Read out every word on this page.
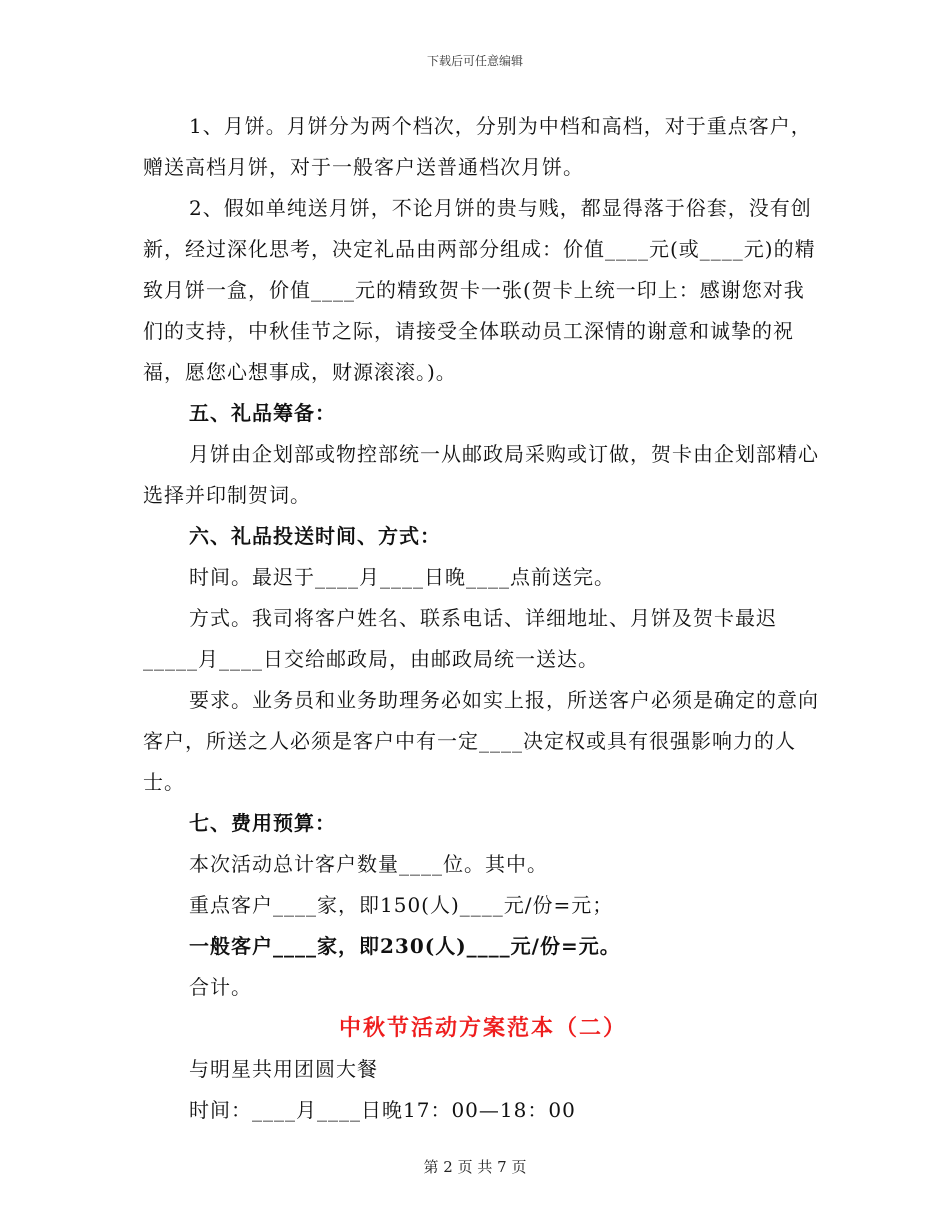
下载后可任意编辑

1、月饼。月饼分为两个档次，分别为中档和高档，对于重点客户，赠送高档月饼，对于一般客户送普通档次月饼。

2、假如单纯送月饼，不论月饼的贵与贱，都显得落于俗套，没有创新，经过深化思考，决定礼品由两部分组成：价值____元(或____元)的精致月饼一盒，价值____元的精致贺卡一张(贺卡上统一印上：感谢您对我们的支持，中秋佳节之际，请接受全体联动员工深情的谢意和诚挚的祝福，愿您心想事成，财源滚滚。)。

五、礼品筹备：

月饼由企划部或物控部统一从邮政局采购或订做，贺卡由企划部精心选择并印制贺词。

六、礼品投送时间、方式：

时间。最迟于____月____日晚____点前送完。

方式。我司将客户姓名、联系电话、详细地址、月饼及贺卡最迟_____月____日交给邮政局，由邮政局统一送达。

要求。业务员和业务助理务必如实上报，所送客户必须是确定的意向客户，所送之人必须是客户中有一定____决定权或具有很强影响力的人士。

七、费用预算：

本次活动总计客户数量____位。其中。

重点客户____家，即150(人)____元/份=元；

一般客户____家，即230(人)____元/份=元。

合计。

中秋节活动方案范本（二）

与明星共用团圆大餐

时间：____月____日晚17：00—18：00

第 2 页 共 7 页
